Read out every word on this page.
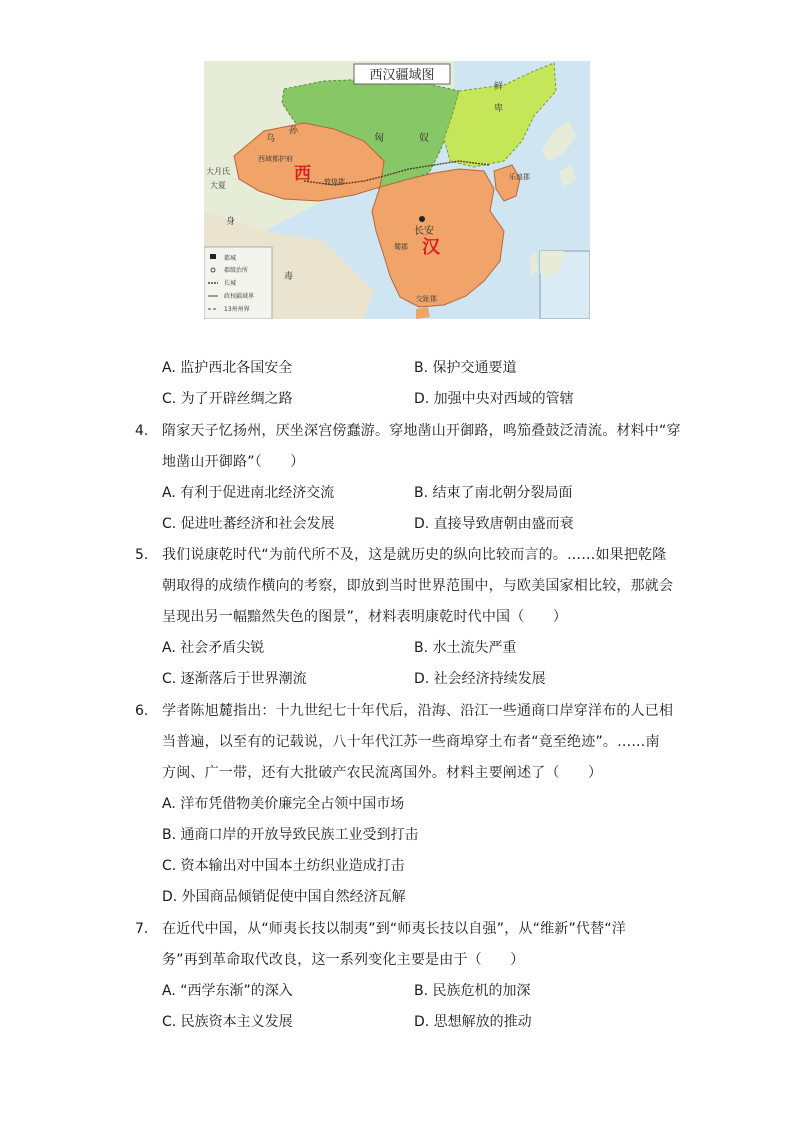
西汉疆域图
匈	奴
鲜
卑
乌
孙
大月氏
大夏
西域都护府
西
汉
敦煌郡
长安
蜀郡
乐浪郡
身
毒
交趾郡
都城
郡级治所
长城
政权疆域界
13州州界
A. 监护西北各国安全	B. 保护交通要道
C. 为了开辟丝绸之路	D. 加强中央对西域的管辖
4. 隋家天子忆扬州，厌坐深宫傍蠢游。穿地凿山开御路，鸣笳叠鼓泛清流。材料中“穿
地凿山开御路”（　　）
A. 有利于促进南北经济交流	B. 结束了南北朝分裂局面
C. 促进吐蕃经济和社会发展	D. 直接导致唐朝由盛而衰
5. 我们说康乾时代“为前代所不及，这是就历史的纵向比较而言的。……如果把乾隆
朝取得的成绩作横向的考察，即放到当时世界范围中，与欧美国家相比较，那就会
呈现出另一幅黯然失色的图景”，材料表明康乾时代中国（　　）
A. 社会矛盾尖锐	B. 水土流失严重
C. 逐渐落后于世界潮流	D. 社会经济持续发展
6. 学者陈旭麓指出：十九世纪七十年代后，沿海、沿江一些通商口岸穿洋布的人已相
当普遍，以至有的记载说，八十年代江苏一些商埠穿土布者“竟至绝迹”。……南
方闽、广一带，还有大批破产农民流离国外。材料主要阐述了（　　）
A. 洋布凭借物美价廉完全占领中国市场
B. 通商口岸的开放导致民族工业受到打击
C. 资本输出对中国本土纺织业造成打击
D. 外国商品倾销促使中国自然经济瓦解
7. 在近代中国，从“师夷长技以制夷”到“师夷长技以自强”，从“维新”代替“洋
务”再到革命取代改良，这一系列变化主要是由于（　　）
A. “西学东渐”的深入	B. 民族危机的加深
C. 民族资本主义发展	D. 思想解放的推动
